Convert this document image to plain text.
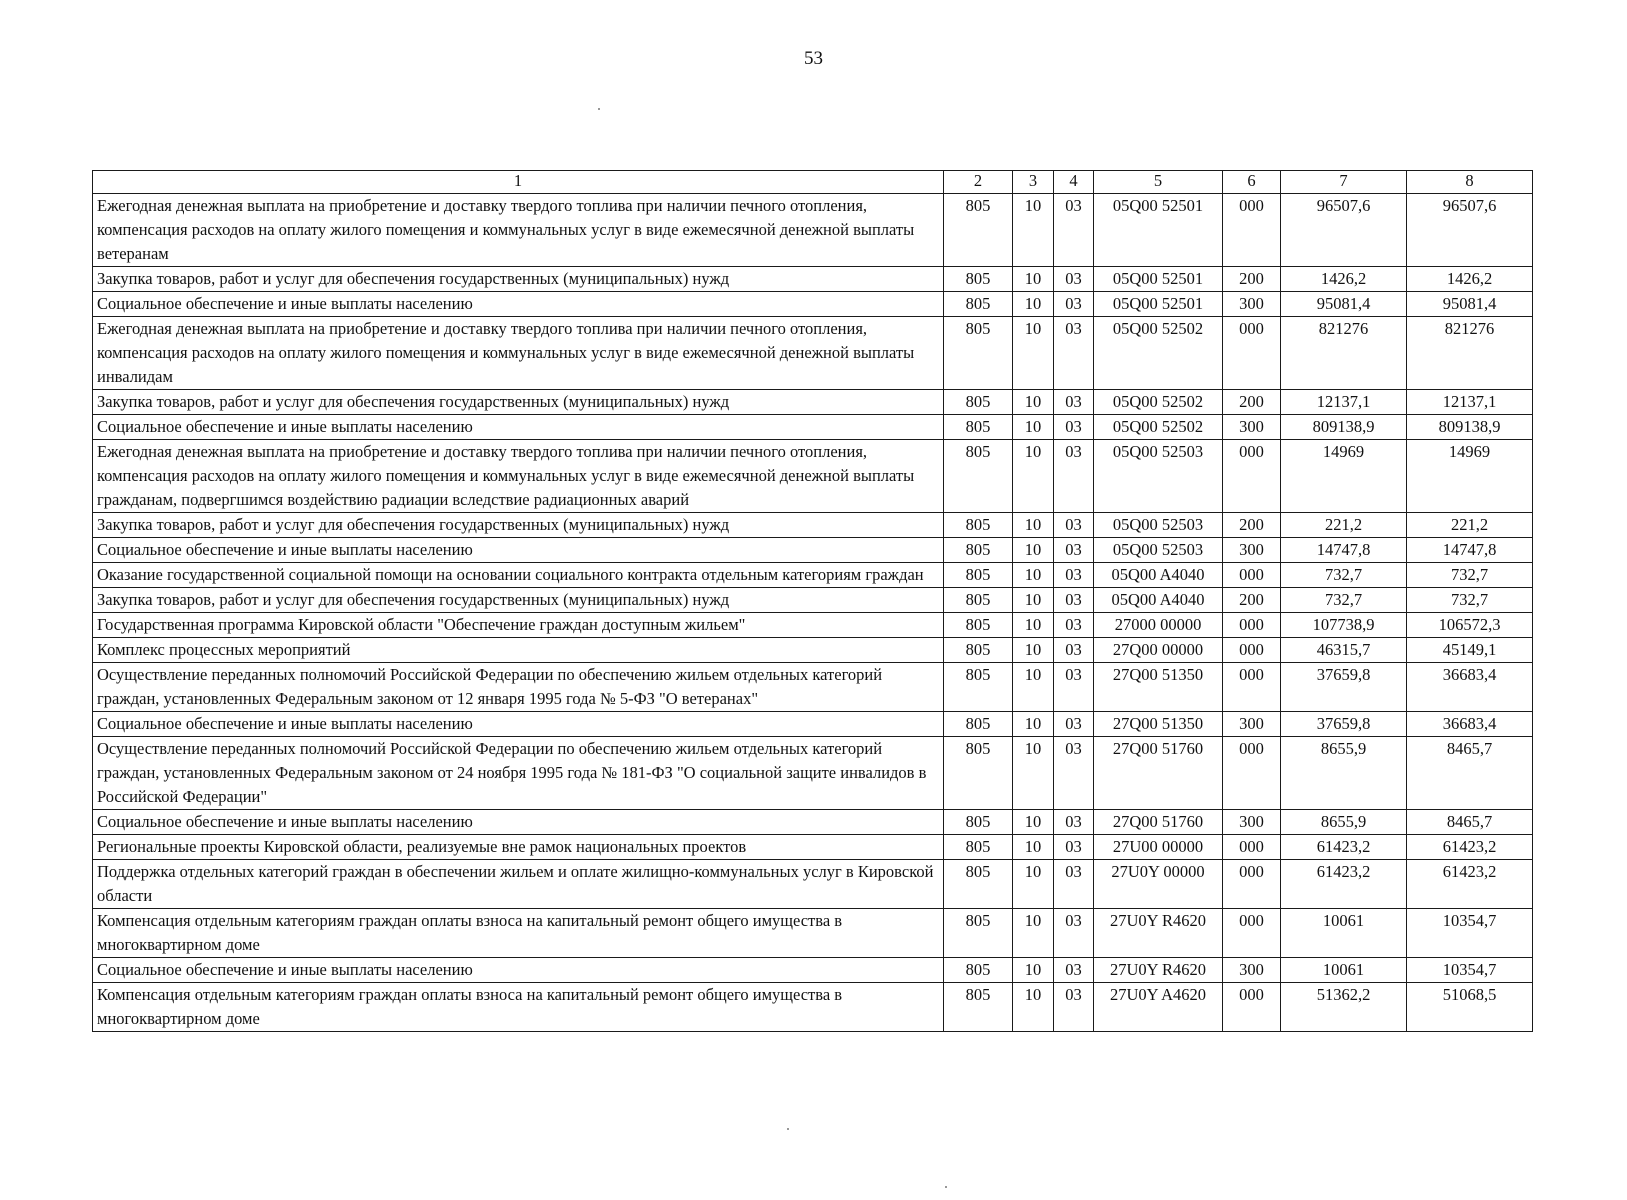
53
1	2	3	4	5	6	7	8
Ежегодная денежная выплата на приобретение и доставку твердого топлива при наличии печного отопления, компенсация расходов на оплату жилого помещения и коммунальных услуг в виде ежемесячной денежной выплаты ветеранам	805	10	03	05Q00 52501	000	96507,6	96507,6
Закупка товаров, работ и услуг для обеспечения государственных (муниципальных) нужд	805	10	03	05Q00 52501	200	1426,2	1426,2
Социальное обеспечение и иные выплаты населению	805	10	03	05Q00 52501	300	95081,4	95081,4
Ежегодная денежная выплата на приобретение и доставку твердого топлива при наличии печного отопления, компенсация расходов на оплату жилого помещения и коммунальных услуг в виде ежемесячной денежной выплаты инвалидам	805	10	03	05Q00 52502	000	821276	821276
Закупка товаров, работ и услуг для обеспечения государственных (муниципальных) нужд	805	10	03	05Q00 52502	200	12137,1	12137,1
Социальное обеспечение и иные выплаты населению	805	10	03	05Q00 52502	300	809138,9	809138,9
Ежегодная денежная выплата на приобретение и доставку твердого топлива при наличии печного отопления, компенсация расходов на оплату жилого помещения и коммунальных услуг в виде ежемесячной денежной выплаты гражданам, подвергшимся воздействию радиации вследствие радиационных аварий	805	10	03	05Q00 52503	000	14969	14969
Закупка товаров, работ и услуг для обеспечения государственных (муниципальных) нужд	805	10	03	05Q00 52503	200	221,2	221,2
Социальное обеспечение и иные выплаты населению	805	10	03	05Q00 52503	300	14747,8	14747,8
Оказание государственной социальной помощи на основании социального контракта отдельным категориям граждан	805	10	03	05Q00 A4040	000	732,7	732,7
Закупка товаров, работ и услуг для обеспечения государственных (муниципальных) нужд	805	10	03	05Q00 A4040	200	732,7	732,7
Государственная программа Кировской области "Обеспечение граждан доступным жильем"	805	10	03	27000 00000	000	107738,9	106572,3
Комплекс процессных мероприятий	805	10	03	27Q00 00000	000	46315,7	45149,1
Осуществление переданных полномочий Российской Федерации по обеспечению жильем отдельных категорий граждан, установленных Федеральным законом от 12 января 1995 года № 5-ФЗ "О ветеранах"	805	10	03	27Q00 51350	000	37659,8	36683,4
Социальное обеспечение и иные выплаты населению	805	10	03	27Q00 51350	300	37659,8	36683,4
Осуществление переданных полномочий Российской Федерации по обеспечению жильем отдельных категорий граждан, установленных Федеральным законом от 24 ноября 1995 года № 181-ФЗ "О социальной защите инвалидов в Российской Федерации"	805	10	03	27Q00 51760	000	8655,9	8465,7
Социальное обеспечение и иные выплаты населению	805	10	03	27Q00 51760	300	8655,9	8465,7
Региональные проекты Кировской области, реализуемые вне рамок национальных проектов	805	10	03	27U00 00000	000	61423,2	61423,2
Поддержка отдельных категорий граждан в обеспечении жильем и оплате жилищно-коммунальных услуг в Кировской области	805	10	03	27U0Y 00000	000	61423,2	61423,2
Компенсация отдельным категориям граждан оплаты взноса на капитальный ремонт общего имущества в многоквартирном доме	805	10	03	27U0Y R4620	000	10061	10354,7
Социальное обеспечение и иные выплаты населению	805	10	03	27U0Y R4620	300	10061	10354,7
Компенсация отдельным категориям граждан оплаты взноса на капитальный ремонт общего имущества в многоквартирном доме	805	10	03	27U0Y A4620	000	51362,2	51068,5
